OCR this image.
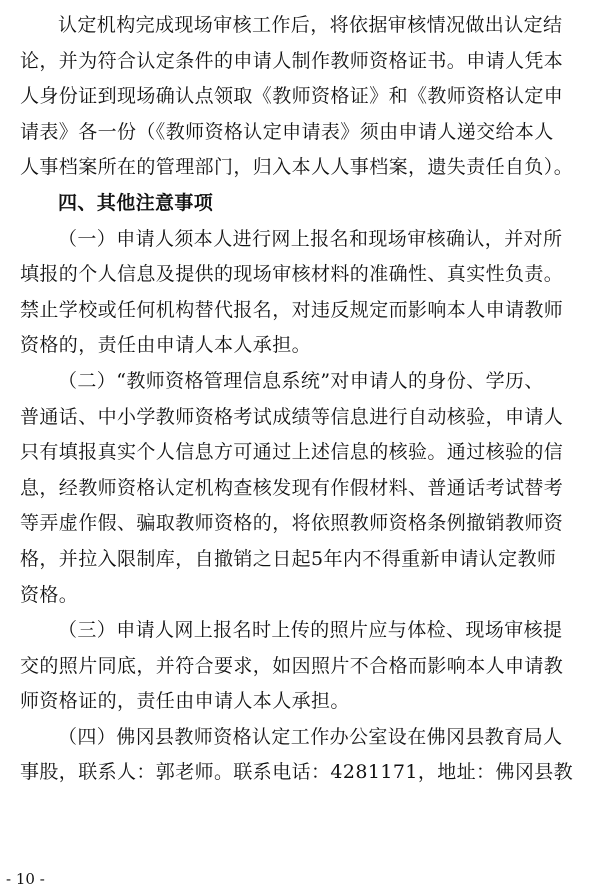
认定机构完成现场审核工作后，将依据审核情况做出认定结
论，并为符合认定条件的申请人制作教师资格证书。申请人凭本
人身份证到现场确认点领取《教师资格证》和《教师资格认定申
请表》各一份（《教师资格认定申请表》须由申请人递交给本人
人事档案所在的管理部门，归入本人人事档案，遗失责任自负）。
四、其他注意事项
（一）申请人须本人进行网上报名和现场审核确认，并对所
填报的个人信息及提供的现场审核材料的准确性、真实性负责。
禁止学校或任何机构替代报名，对违反规定而影响本人申请教师
资格的，责任由申请人本人承担。
（二）“教师资格管理信息系统”对申请人的身份、学历、
普通话、中小学教师资格考试成绩等信息进行自动核验，申请人
只有填报真实个人信息方可通过上述信息的核验。通过核验的信
息，经教师资格认定机构查核发现有作假材料、普通话考试替考
等弄虚作假、骗取教师资格的，将依照教师资格条例撤销教师资
格，并拉入限制库，自撤销之日起5年内不得重新申请认定教师
资格。
（三）申请人网上报名时上传的照片应与体检、现场审核提
交的照片同底，并符合要求，如因照片不合格而影响本人申请教
师资格证的，责任由申请人本人承担。
（四）佛冈县教师资格认定工作办公室设在佛冈县教育局人
事股，联系人：郭老师。联系电话：4281171，地址：佛冈县教
- 10 -
